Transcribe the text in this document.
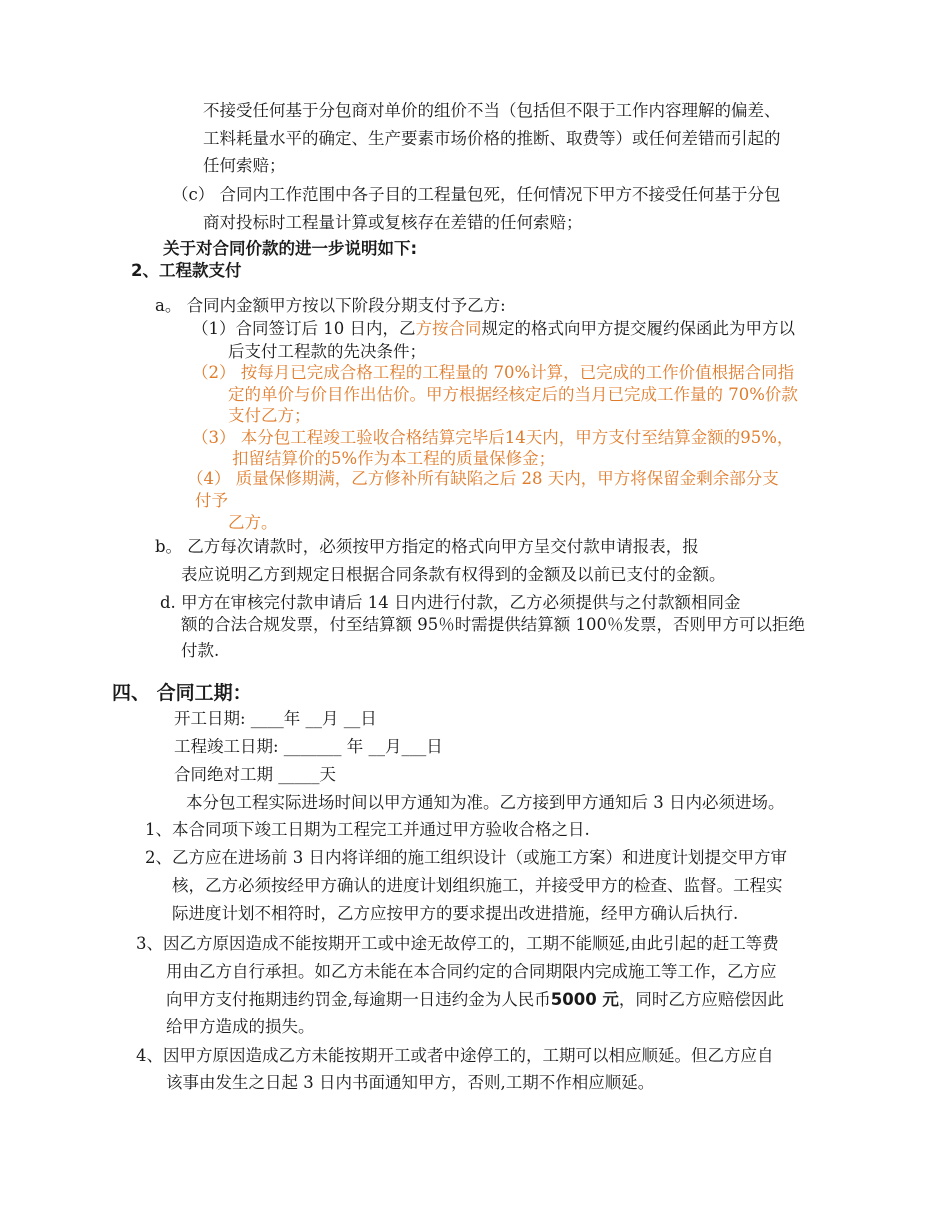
不接受任何基于分包商对单价的组价不当（包括但不限于工作内容理解的偏差、
工料耗量水平的确定、生产要素市场价格的推断、取费等）或任何差错而引起的
任何索赔；
（c） 合同内工作范围中各子目的工程量包死，任何情况下甲方不接受任何基于分包
商对投标时工程量计算或复核存在差错的任何索赔；
关于对合同价款的进一步说明如下:
2、工程款支付
a。 合同内金额甲方按以下阶段分期支付予乙方:
（1）合同签订后 10 日内，乙方按合同规定的格式向甲方提交履约保函此为甲方以
后支付工程款的先决条件；
（2） 按每月已完成合格工程的工程量的 70%计算，已完成的工作价值根据合同指
定的单价与价目作出估价。甲方根据经核定后的当月已完成工作量的 70%价款
支付乙方；
（3） 本分包工程竣工验收合格结算完毕后14天内，甲方支付至结算金额的95%，
扣留结算价的5%作为本工程的质量保修金；
（4） 质量保修期满，乙方修补所有缺陷之后 28 天内，甲方将保留金剩余部分支
付予
乙方。
b。 乙方每次请款时，必须按甲方指定的格式向甲方呈交付款申请报表，报
表应说明乙方到规定日根据合同条款有权得到的金额及以前已支付的金额。
d. 甲方在审核完付款申请后 14 日内进行付款，乙方必须提供与之付款额相同金
额的合法合规发票，付至结算额 95％时需提供结算额 100％发票，否则甲方可以拒绝
付款.
四、 合同工期：
开工日期: ____年 __月 __日
工程竣工日期: _______ 年 __月___日
合同绝对工期 _____天
本分包工程实际进场时间以甲方通知为准。乙方接到甲方通知后 3 日内必须进场。
1、本合同项下竣工日期为工程完工并通过甲方验收合格之日.
2、乙方应在进场前 3 日内将详细的施工组织设计（或施工方案）和进度计划提交甲方审
核，乙方必须按经甲方确认的进度计划组织施工，并接受甲方的检查、监督。工程实
际进度计划不相符时，乙方应按甲方的要求提出改进措施，经甲方确认后执行.
3、因乙方原因造成不能按期开工或中途无故停工的，工期不能顺延,由此引起的赶工等费
用由乙方自行承担。如乙方未能在本合同约定的合同期限内完成施工等工作，乙方应
向甲方支付拖期违约罚金,每逾期一日违约金为人民币5000 元，同时乙方应赔偿因此
给甲方造成的损失。
4、因甲方原因造成乙方未能按期开工或者中途停工的，工期可以相应顺延。但乙方应自
该事由发生之日起 3 日内书面通知甲方，否则,工期不作相应顺延。
